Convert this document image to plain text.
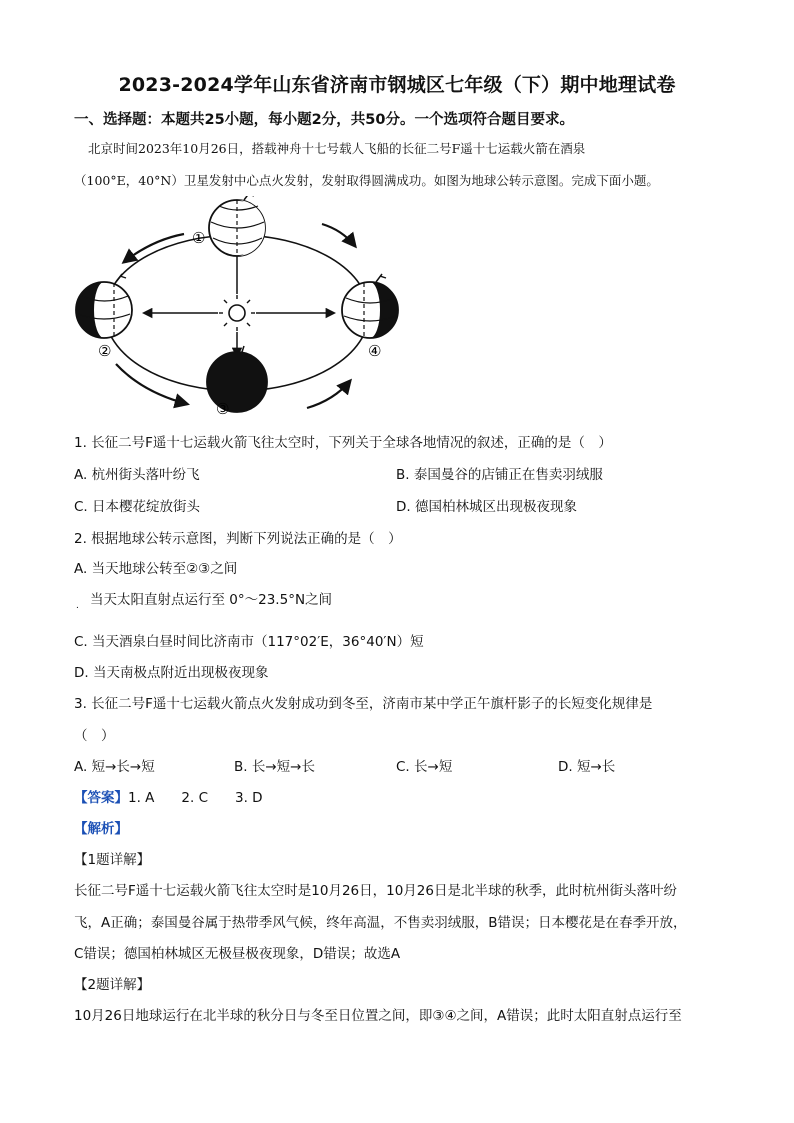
2023-2024学年山东省济南市钢城区七年级（下）期中地理试卷
一、选择题：本题共25小题，每小题2分，共50分。一个选项符合题目要求。
北京时间2023年10月26日，搭载神舟十七号载人飞船的长征二号F遥十七运载火箭在酒泉
（100°E，40°N）卫星发射中心点火发射，发射取得圆满成功。如图为地球公转示意图。完成下面小题。
①
②
③
④
1. 长征二号F遥十七运载火箭飞往太空时，下列关于全球各地情况的叙述，正确的是（　）
A. 杭州街头落叶纷飞	B. 泰国曼谷的店铺正在售卖羽绒服
C. 日本樱花绽放街头	D. 德国柏林城区出现极夜现象
2. 根据地球公转示意图，判断下列说法正确的是（　）
A. 当天地球公转至②③之间
. 当天太阳直射点运行至 0°～23.5°N之间
C. 当天酒泉白昼时间比济南市（117°02′E，36°40′N）短
D. 当天南极点附近出现极夜现象
3. 长征二号F遥十七运载火箭点火发射成功到冬至，济南市某中学正午旗杆影子的长短变化规律是
（　）
A. 短→长→短	B. 长→短→长	C. 长→短	D. 短→长
【答案】1. A　　2. C　　3. D
【解析】
【1题详解】
长征二号F遥十七运载火箭飞往太空时是10月26日，10月26日是北半球的秋季，此时杭州街头落叶纷
飞，A正确；泰国曼谷属于热带季风气候，终年高温，不售卖羽绒服，B错误；日本樱花是在春季开放，
C错误；德国柏林城区无极昼极夜现象，D错误；故选A
【2题详解】
10月26日地球运行在北半球的秋分日与冬至日位置之间，即③④之间，A错误；此时太阳直射点运行至
